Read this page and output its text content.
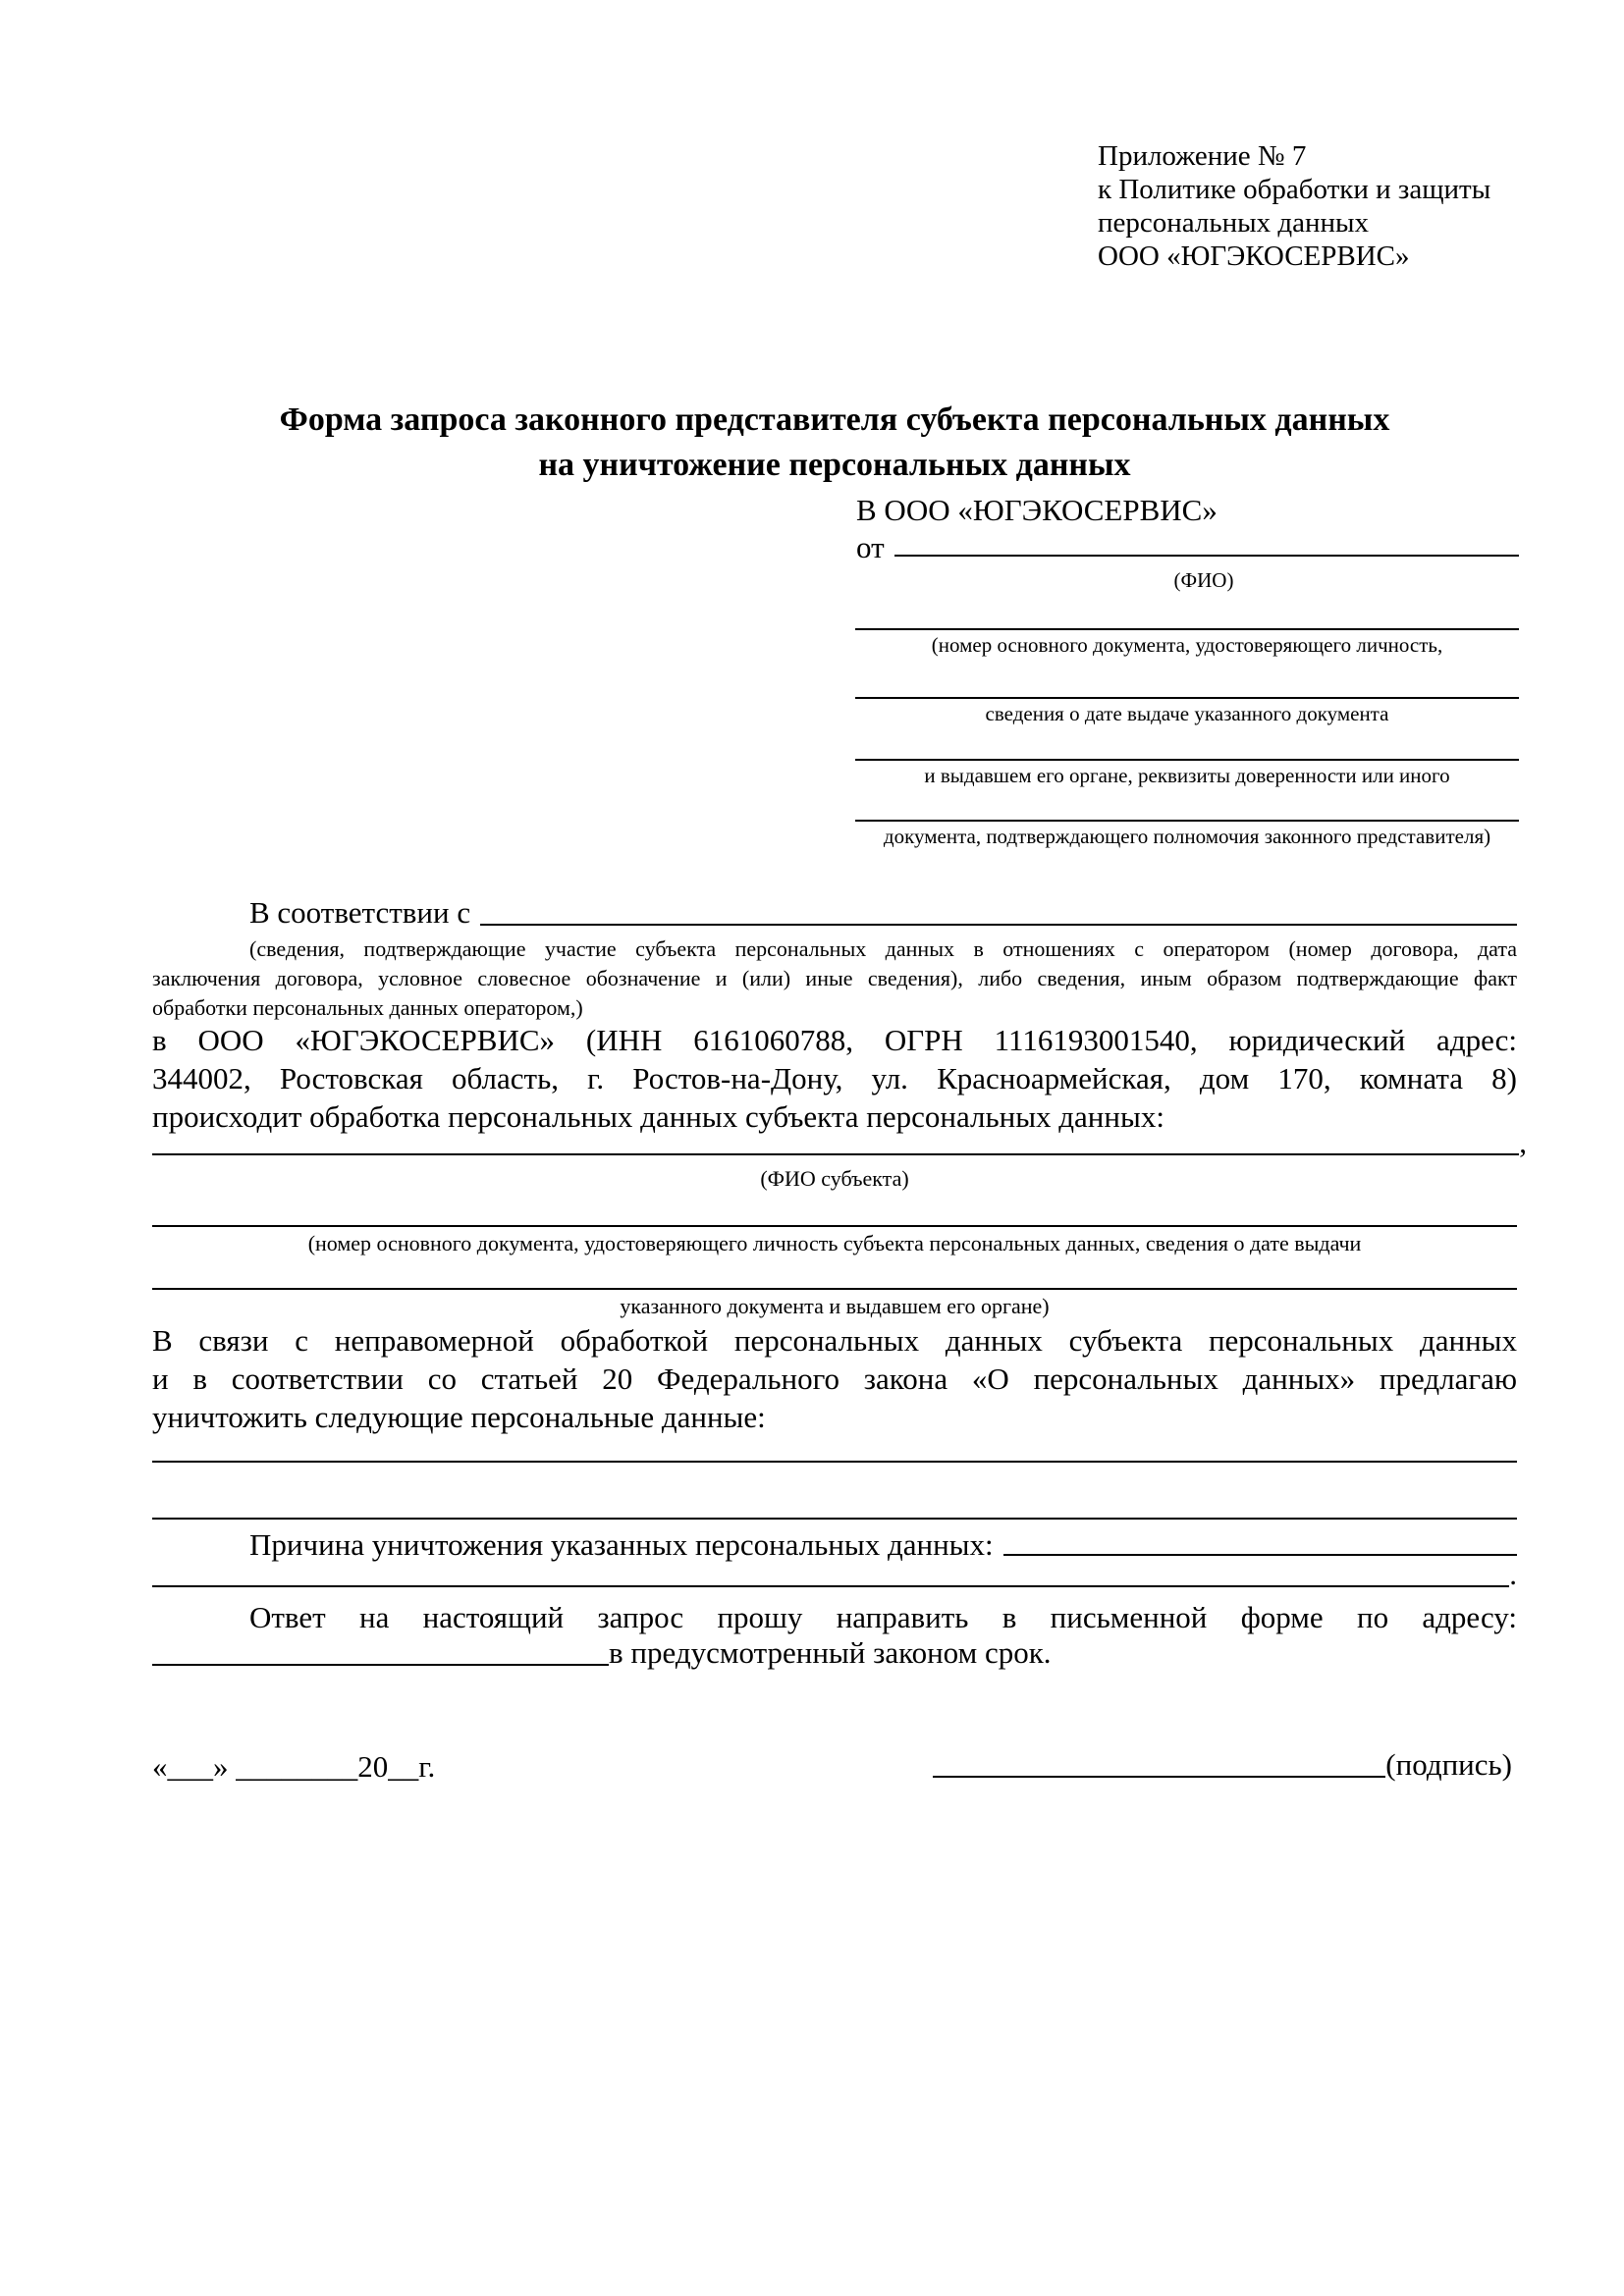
Приложение № 7
к Политике обработки и защиты
персональных данных
ООО «ЮГЭКОСЕРВИС»
Форма запроса законного представителя субъекта персональных данных
на уничтожение персональных данных
В ООО «ЮГЭКОСЕРВИС»
от
(ФИО)
(номер основного документа, удостоверяющего личность,
сведения о дате выдаче указанного документа
и выдавшем его органе, реквизиты доверенности или иного
документа, подтверждающего полномочия законного представителя)
В соответствии с
(сведения, подтверждающие участие субъекта персональных данных в отношениях с оператором (номер договора, дата
заключения договора, условное словесное обозначение и (или) иные сведения), либо сведения, иным образом подтверждающие факт
обработки персональных данных оператором,)
в ООО «ЮГЭКОСЕРВИС» (ИНН 6161060788, ОГРН 1116193001540, юридический адрес:
344002, Ростовская область, г. Ростов-на-Дону, ул. Красноармейская, дом 170, комната 8)
происходит обработка персональных данных субъекта персональных данных:
,
(ФИО субъекта)
(номер основного документа, удостоверяющего личность субъекта персональных данных, сведения о дате выдачи
указанного документа и выдавшем его органе)
В связи с неправомерной обработкой персональных данных субъекта персональных данных
и в соответствии со статьей 20 Федерального закона «О персональных данных» предлагаю
уничтожить следующие персональные данные:
Причина уничтожения указанных персональных данных:
.
Ответ на настоящий запрос прошу направить в письменной форме по адресу:
в предусмотренный законом срок.
«___» ________20__г.	(подпись)
